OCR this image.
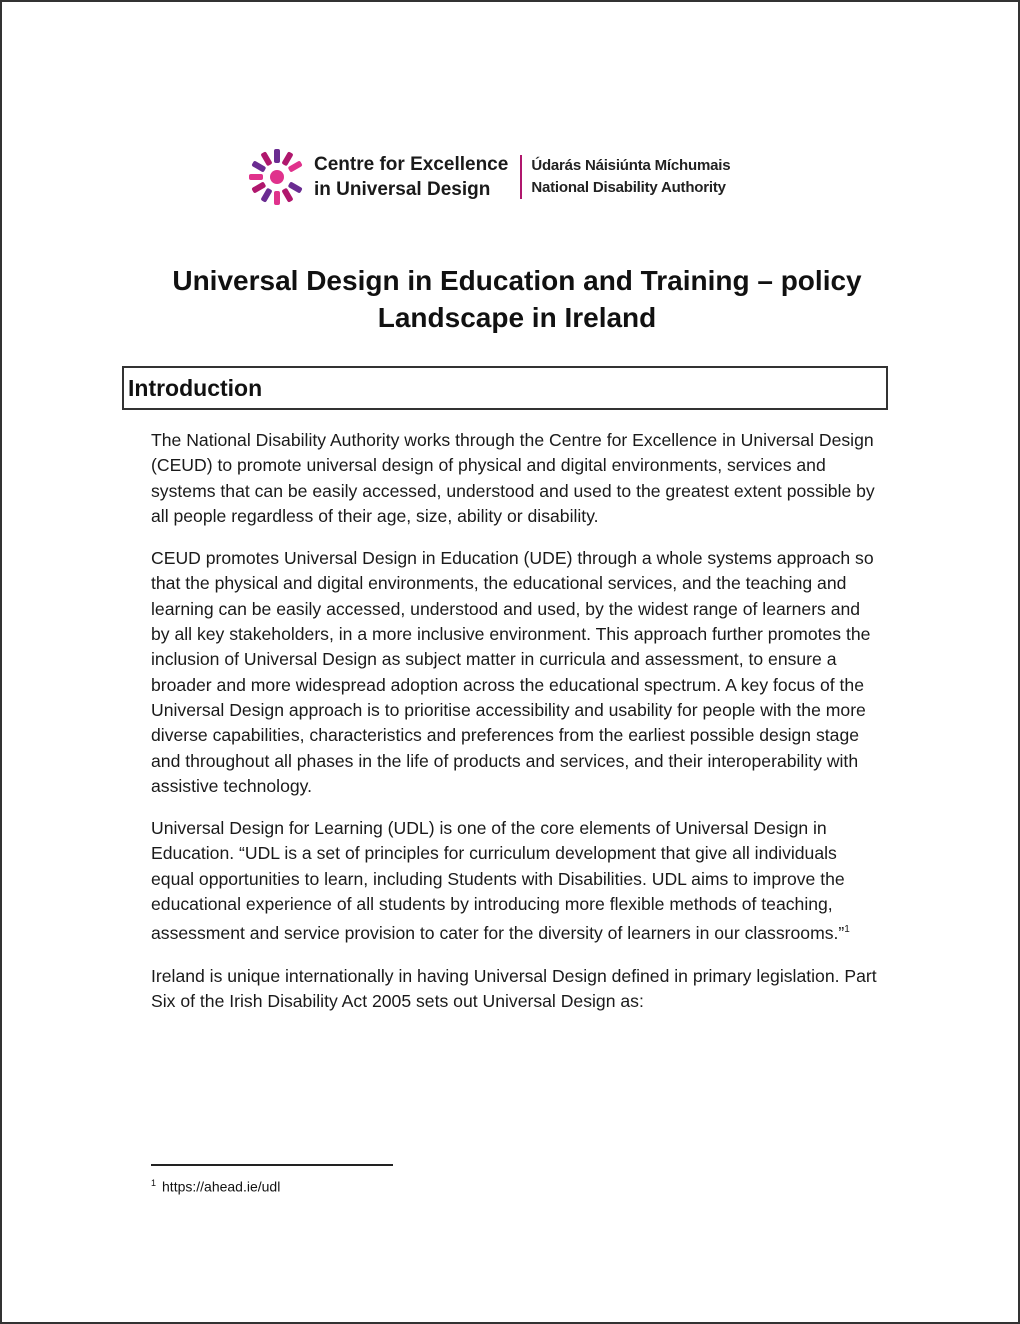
Centre for Excellence
in Universal Design
Údarás Náisiúnta Míchumais
National Disability Authority
Universal Design in Education and Training – policy Landscape in Ireland
Introduction

The National Disability Authority works through the Centre for Excellence in Universal Design (CEUD) to promote universal design of physical and digital environments, services and systems that can be easily accessed, understood and used to the greatest extent possible by all people regardless of their age, size, ability or disability.

CEUD promotes Universal Design in Education (UDE) through a whole systems approach so that the physical and digital environments, the educational services, and the teaching and learning can be easily accessed, understood and used, by the widest range of learners and by all key stakeholders, in a more inclusive environment. This approach further promotes the inclusion of Universal Design as subject matter in curricula and assessment, to ensure a broader and more widespread adoption across the educational spectrum. A key focus of the Universal Design approach is to prioritise accessibility and usability for people with the more diverse capabilities, characteristics and preferences from the earliest possible design stage and throughout all phases in the life of products and services, and their interoperability with assistive technology.

Universal Design for Learning (UDL) is one of the core elements of Universal Design in Education. “UDL is a set of principles for curriculum development that give all individuals equal opportunities to learn, including Students with Disabilities. UDL aims to improve the educational experience of all students by introducing more flexible methods of teaching, assessment and service provision to cater for the diversity of learners in our classrooms.”$^1$

Ireland is unique internationally in having Universal Design defined in primary legislation. Part Six of the Irish Disability Act 2005 sets out Universal Design as:

$^1$ https://ahead.ie/udl
